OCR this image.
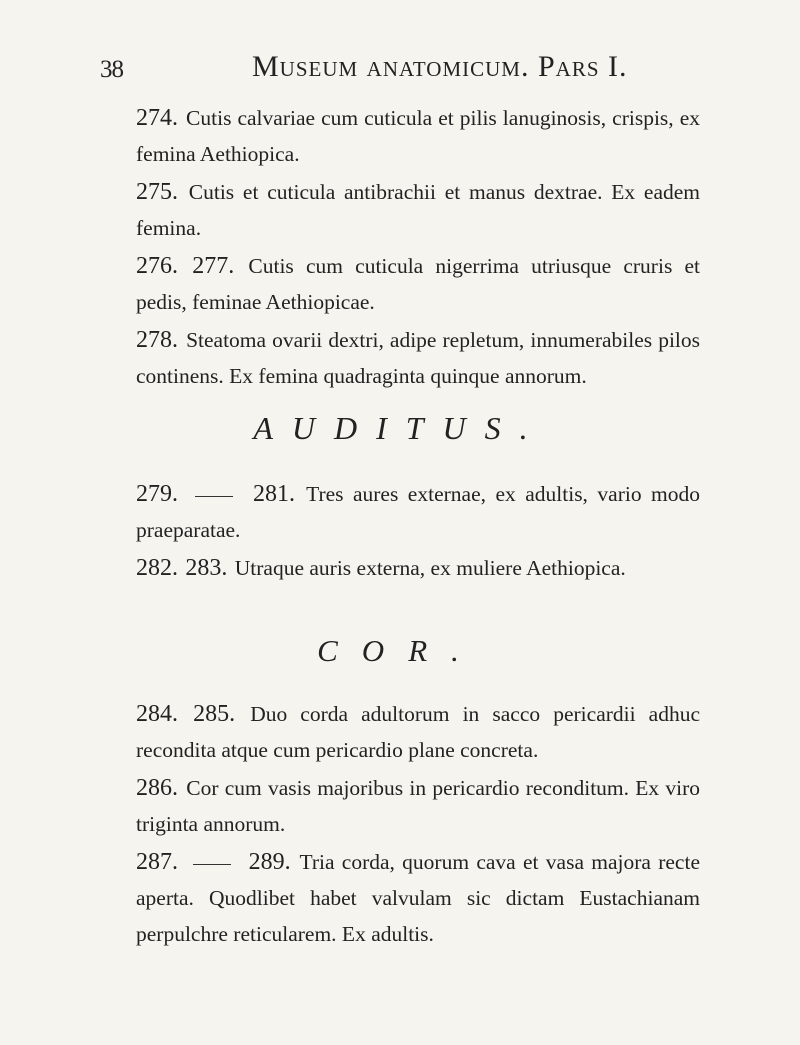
38	Museum anatomicum. Pars I.
274. Cutis calvariae cum cuticula et pilis lanuginosis, crispis, ex femina Aethiopica.
275. Cutis et cuticula antibrachii et manus dextrae. Ex eadem femina.
276. 277. Cutis cum cuticula nigerrima utriusque cruris et pedis, feminae Aethiopicae.
278. Steatoma ovarii dextri, adipe repletum, innumerabiles pilos continens. Ex femina quadraginta quinque annorum.
AUDITUS.
279.	281. Tres aures externae, ex adultis, vario modo praeparatae.
282. 283. Utraque auris externa, ex muliere Aethiopica.
COR.
284. 285. Duo corda adultorum in sacco pericardii adhuc recondita atque cum pericardio plane concreta.
286. Cor cum vasis majoribus in pericardio reconditum. Ex viro triginta annorum.
287.	289. Tria corda, quorum cava et vasa majora recte aperta. Quodlibet habet valvulam sic dictam Eustachianam perpulchre reticularem. Ex adultis.
